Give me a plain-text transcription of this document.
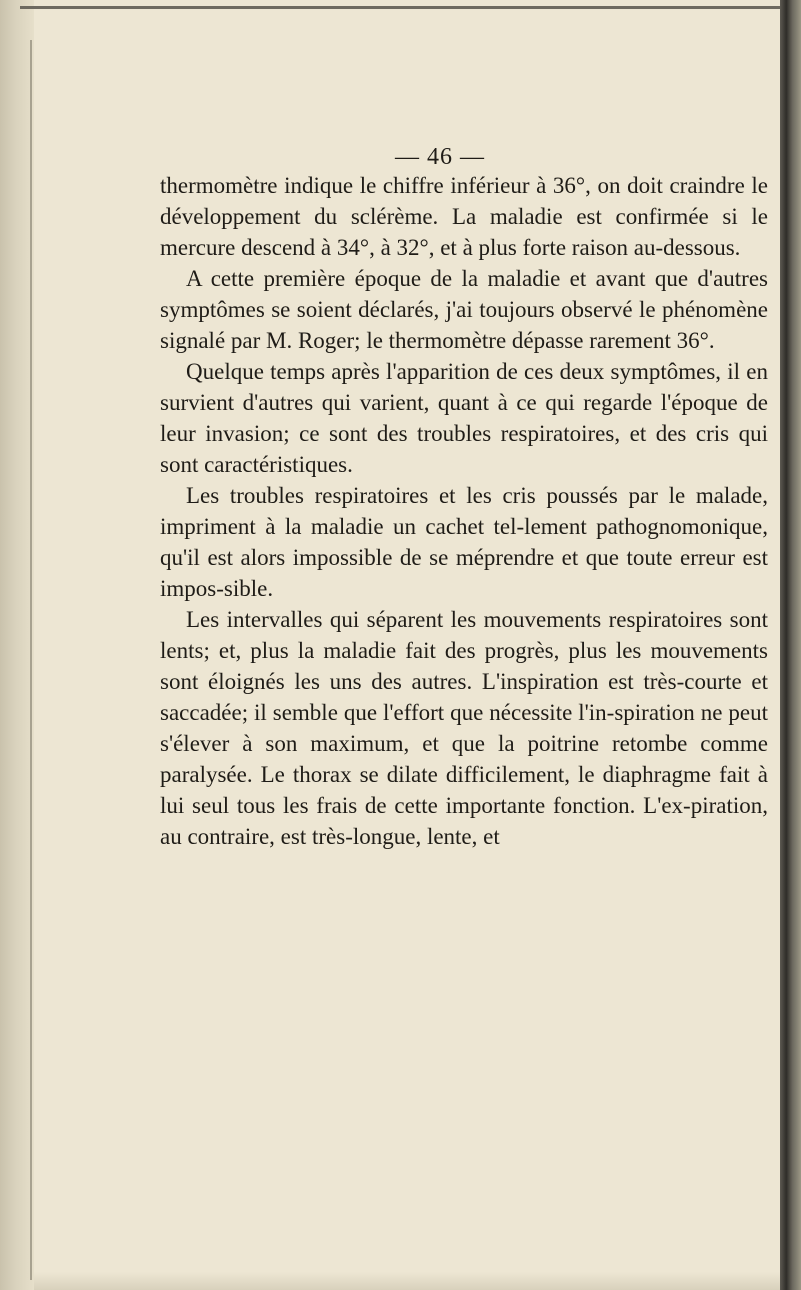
— 46 —

thermomètre indique le chiffre inférieur à 36°, on doit craindre le développement du sclérème. La maladie est confirmée si le mercure descend à 34°, à 32°, et à plus forte raison au-dessous.

A cette première époque de la maladie et avant que d'autres symptômes se soient déclarés, j'ai toujours observé le phénomène signalé par M. Roger; le thermomètre dépasse rarement 36°.

Quelque temps après l'apparition de ces deux symptômes, il en survient d'autres qui varient, quant à ce qui regarde l'époque de leur invasion; ce sont des troubles respiratoires, et des cris qui sont caractéristiques.

Les troubles respiratoires et les cris poussés par le malade, impriment à la maladie un cachet tel-lement pathognomonique, qu'il est alors impossible de se méprendre et que toute erreur est impos-sible.

Les intervalles qui séparent les mouvements respiratoires sont lents; et, plus la maladie fait des progrès, plus les mouvements sont éloignés les uns des autres. L'inspiration est très-courte et saccadée; il semble que l'effort que nécessite l'in-spiration ne peut s'élever à son maximum, et que la poitrine retombe comme paralysée. Le thorax se dilate difficilement, le diaphragme fait à lui seul tous les frais de cette importante fonction. L'ex-piration, au contraire, est très-longue, lente, et
